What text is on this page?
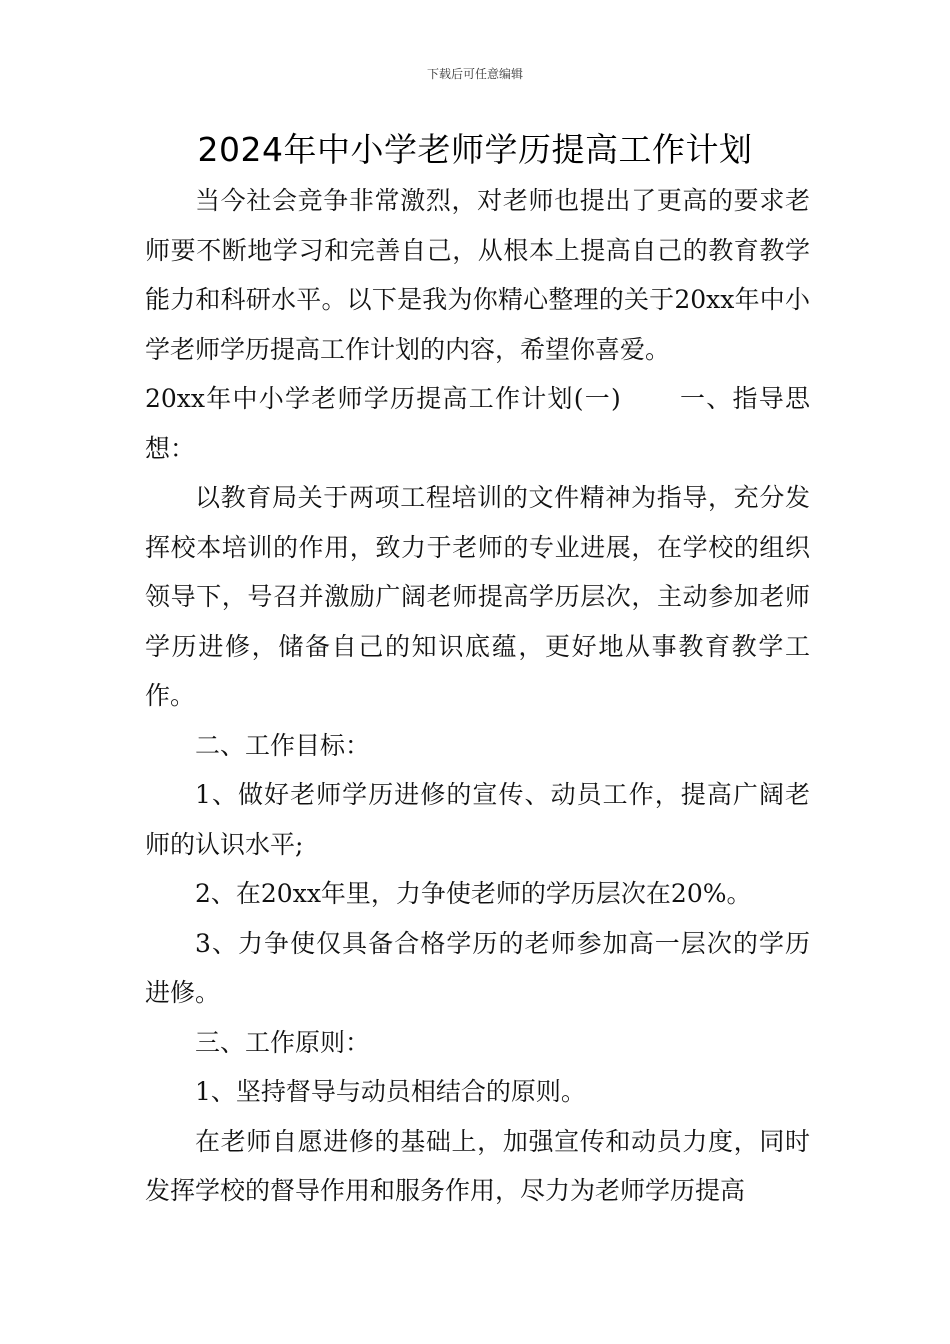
下载后可任意编辑
2024年中小学老师学历提高工作计划

当今社会竞争非常激烈，对老师也提出了更高的要求老师要不断地学习和完善自己，从根本上提高自己的教育教学能力和科研水平。以下是我为你精心整理的关于20xx年中小学老师学历提高工作计划的内容，希望你喜爱。

20xx年中小学老师学历提高工作计划(一) 一、指导思想：

以教育局关于两项工程培训的文件精神为指导，充分发挥校本培训的作用，致力于老师的专业进展，在学校的组织领导下，号召并激励广阔老师提高学历层次，主动参加老师学历进修，储备自己的知识底蕴，更好地从事教育教学工作。

二、工作目标：

1、做好老师学历进修的宣传、动员工作，提高广阔老师的认识水平;

2、在20xx年里，力争使老师的学历层次在20%。

3、力争使仅具备合格学历的老师参加高一层次的学历进修。

三、工作原则：

1、坚持督导与动员相结合的原则。

在老师自愿进修的基础上，加强宣传和动员力度，同时发挥学校的督导作用和服务作用，尽力为老师学历提高
